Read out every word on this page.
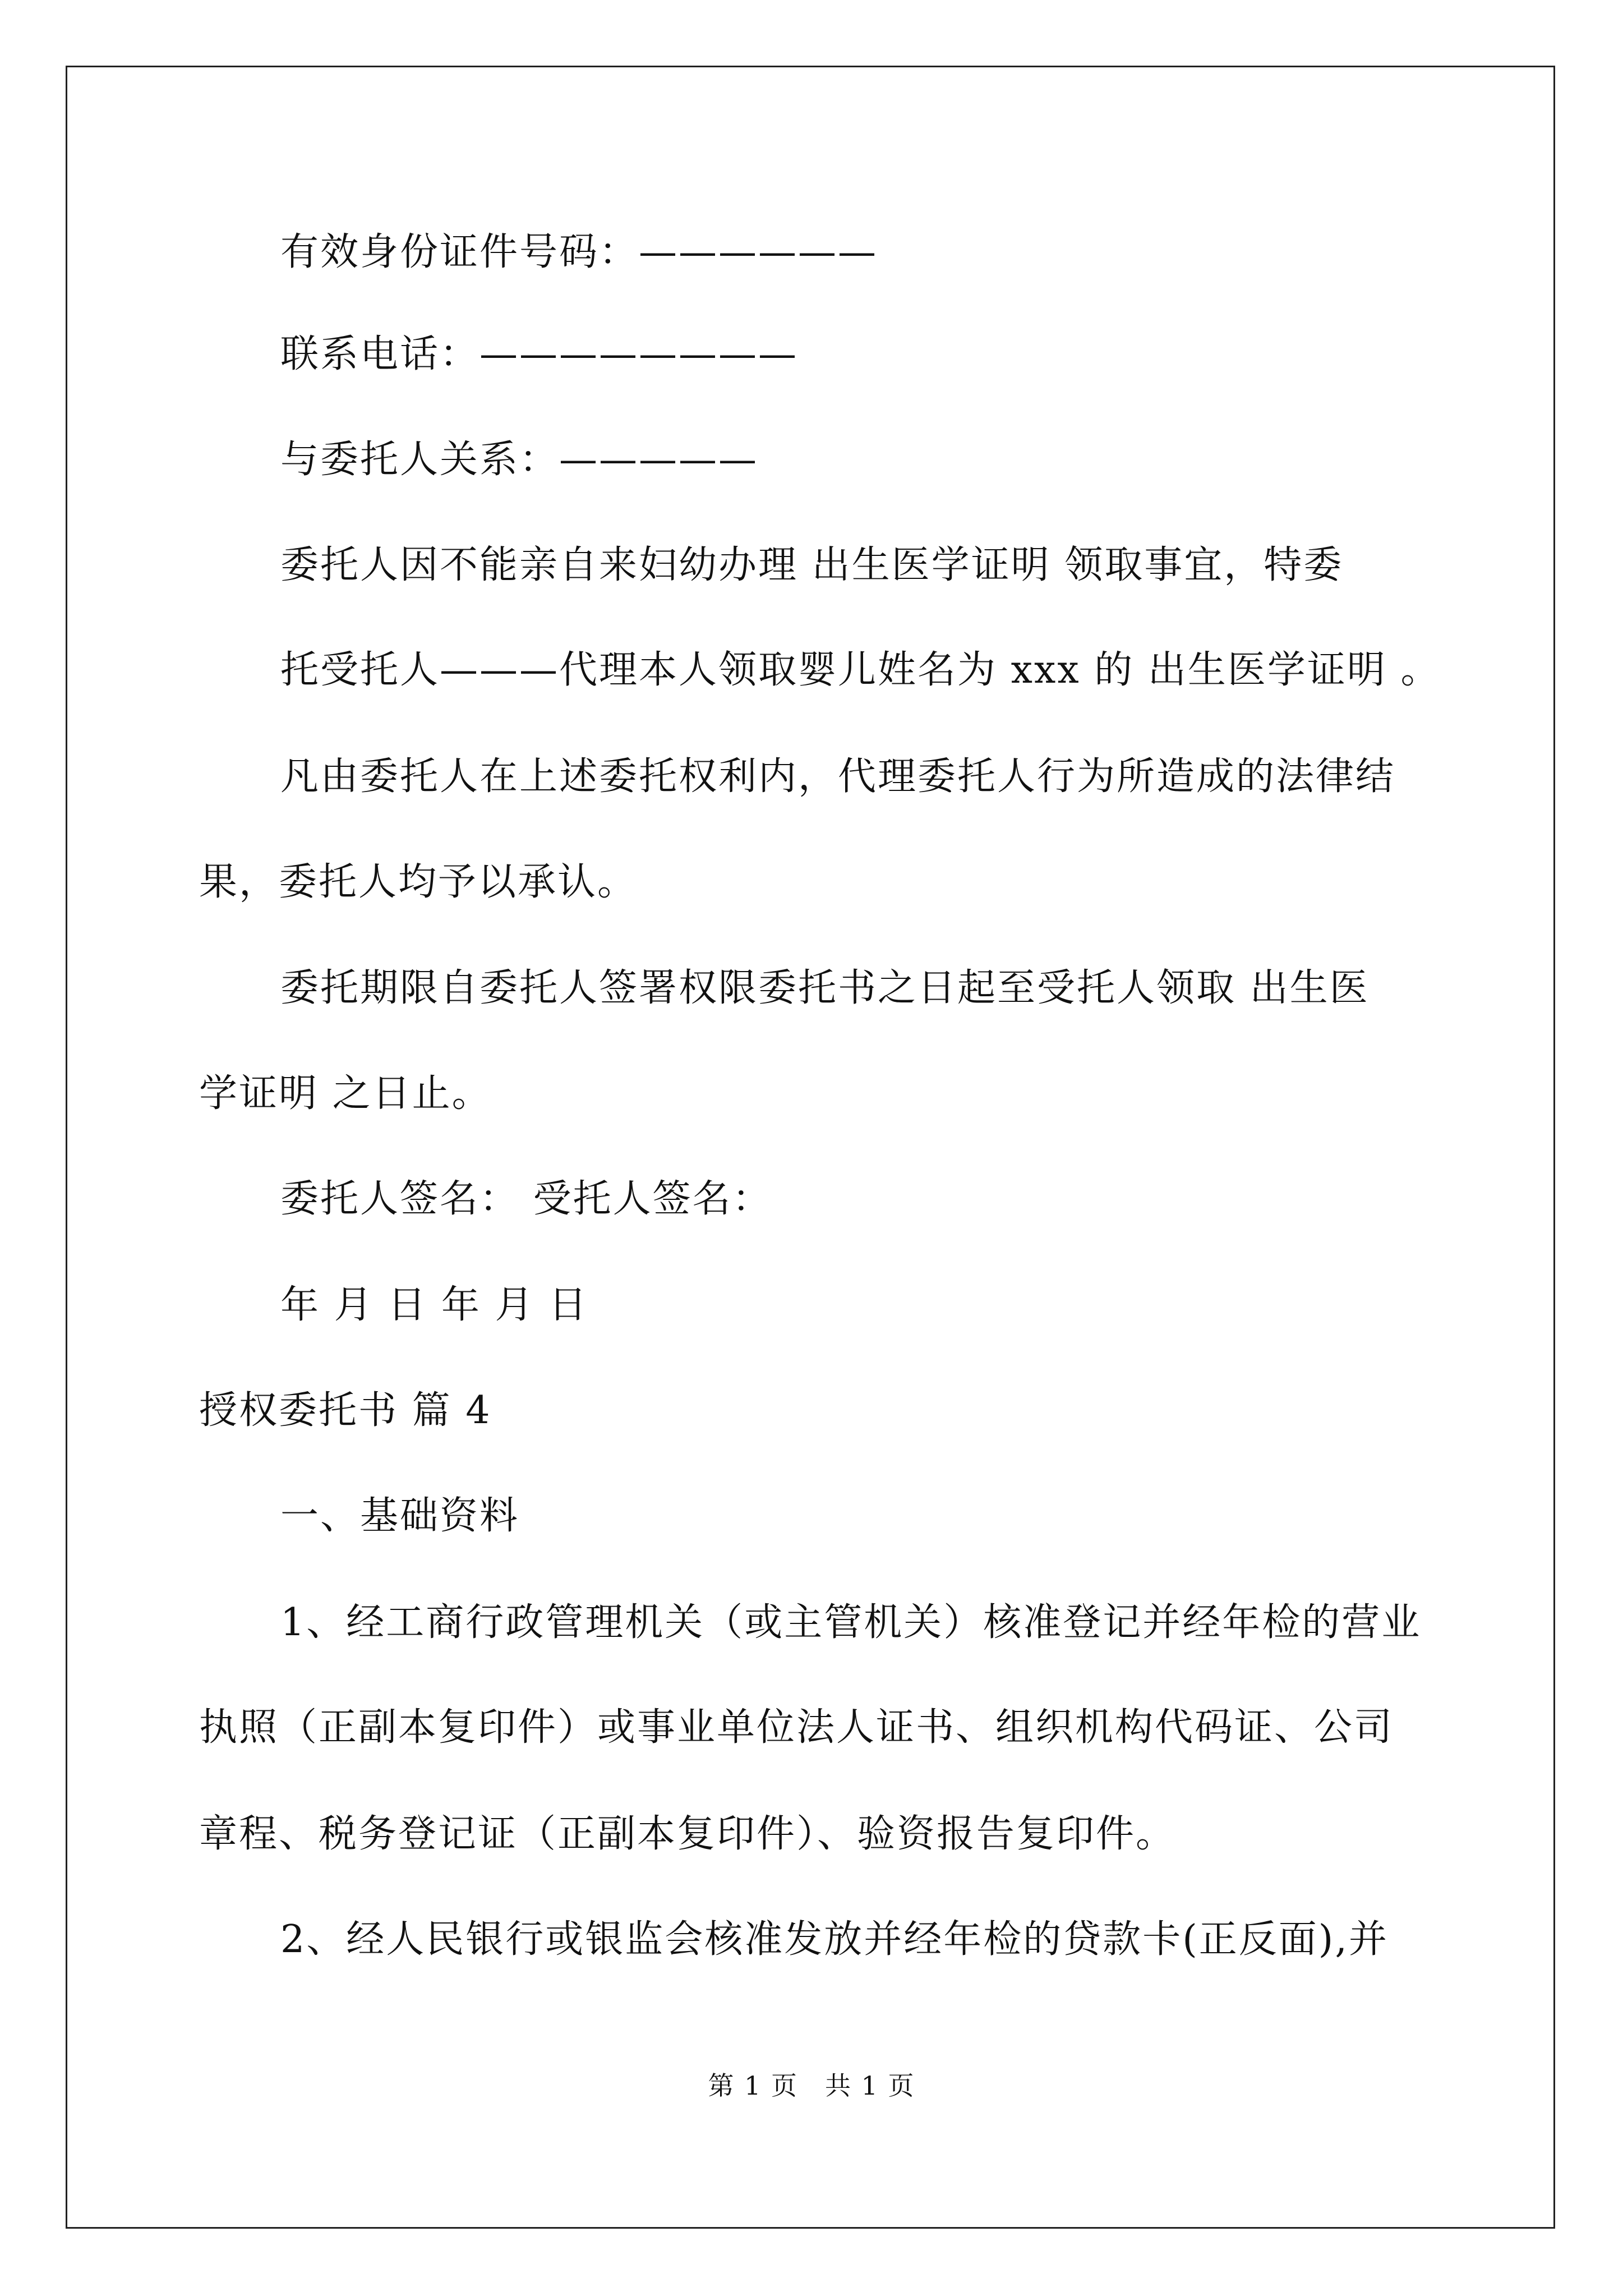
有效身份证件号码：——————
联系电话：————————
与委托人关系：—————
委托人因不能亲自来妇幼办理 出生医学证明 领取事宜，特委
托受托人———代理本人领取婴儿姓名为 xxx 的 出生医学证明 。
凡由委托人在上述委托权利内，代理委托人行为所造成的法律结
果，委托人均予以承认。
委托期限自委托人签署权限委托书之日起至受托人领取 出生医
学证明 之日止。
委托人签名： 受托人签名：
年 月 日 年 月 日
授权委托书 篇 4
一、基础资料
1、经工商行政管理机关（或主管机关）核准登记并经年检的营业
执照（正副本复印件）或事业单位法人证书、组织机构代码证、公司
章程、税务登记证（正副本复印件）、验资报告复印件。
2、经人民银行或银监会核准发放并经年检的贷款卡(正反面),并
第 1 页　共 1 页
